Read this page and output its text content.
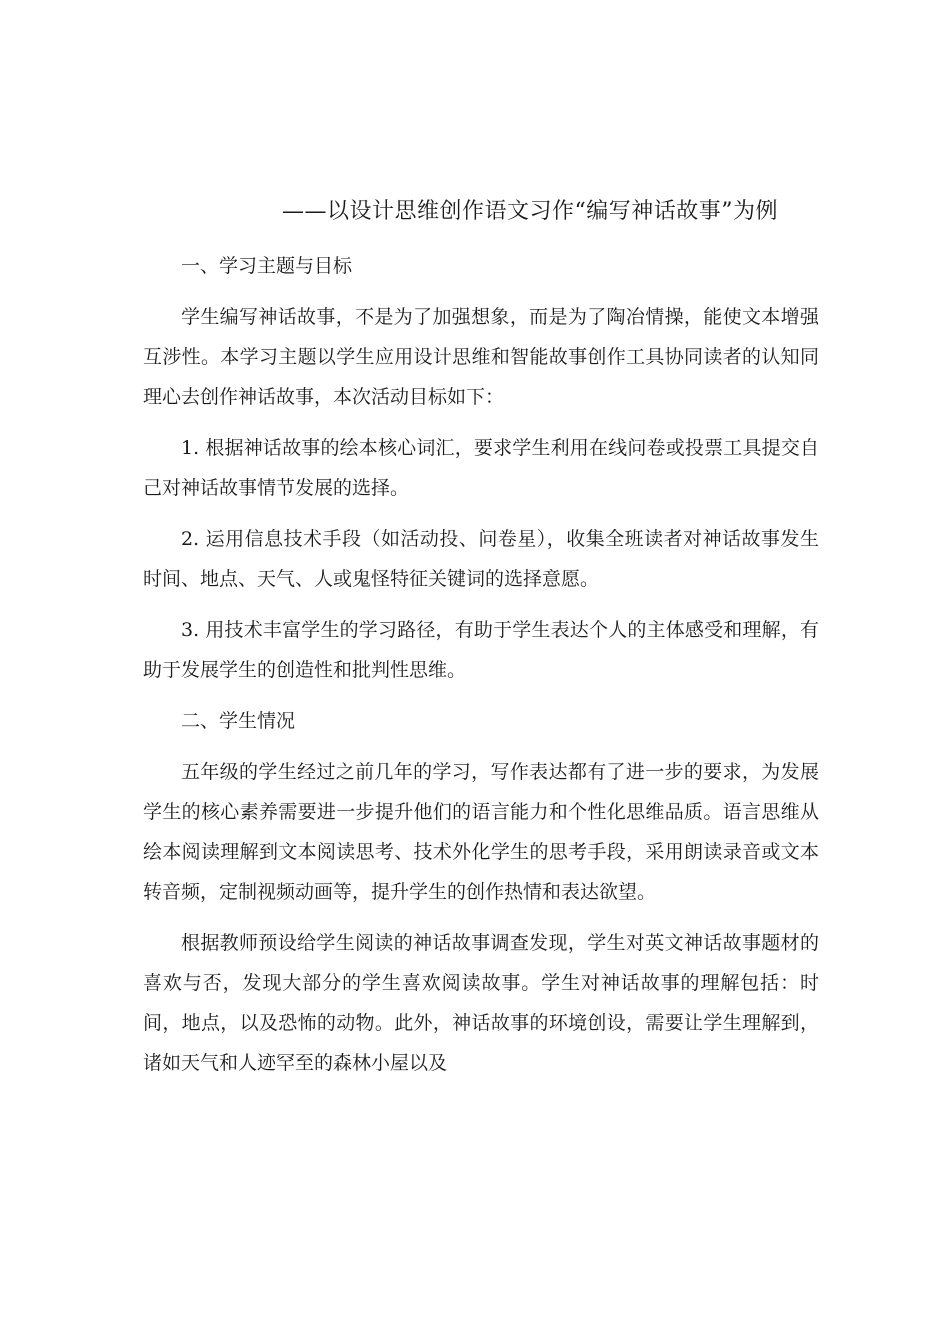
——以设计思维创作语文习作“编写神话故事”为例

一、学习主题与目标

学生编写神话故事，不是为了加强想象，而是为了陶冶情操，能使文本增强互涉性。本学习主题以学生应用设计思维和智能故事创作工具协同读者的认知同理心去创作神话故事，本次活动目标如下：

1. 根据神话故事的绘本核心词汇，要求学生利用在线问卷或投票工具提交自己对神话故事情节发展的选择。

2. 运用信息技术手段（如活动投、问卷星），收集全班读者对神话故事发生时间、地点、天气、人或鬼怪特征关键词的选择意愿。

3. 用技术丰富学生的学习路径，有助于学生表达个人的主体感受和理解，有助于发展学生的创造性和批判性思维。

二、学生情况

五年级的学生经过之前几年的学习，写作表达都有了进一步的要求，为发展学生的核心素养需要进一步提升他们的语言能力和个性化思维品质。语言思维从绘本阅读理解到文本阅读思考、技术外化学生的思考手段，采用朗读录音或文本转音频，定制视频动画等，提升学生的创作热情和表达欲望。

根据教师预设给学生阅读的神话故事调查发现，学生对英文神话故事题材的喜欢与否，发现大部分的学生喜欢阅读故事。学生对神话故事的理解包括：时间，地点，以及恐怖的动物。此外，神话故事的环境创设，需要让学生理解到，诸如天气和人迹罕至的森林小屋以及
